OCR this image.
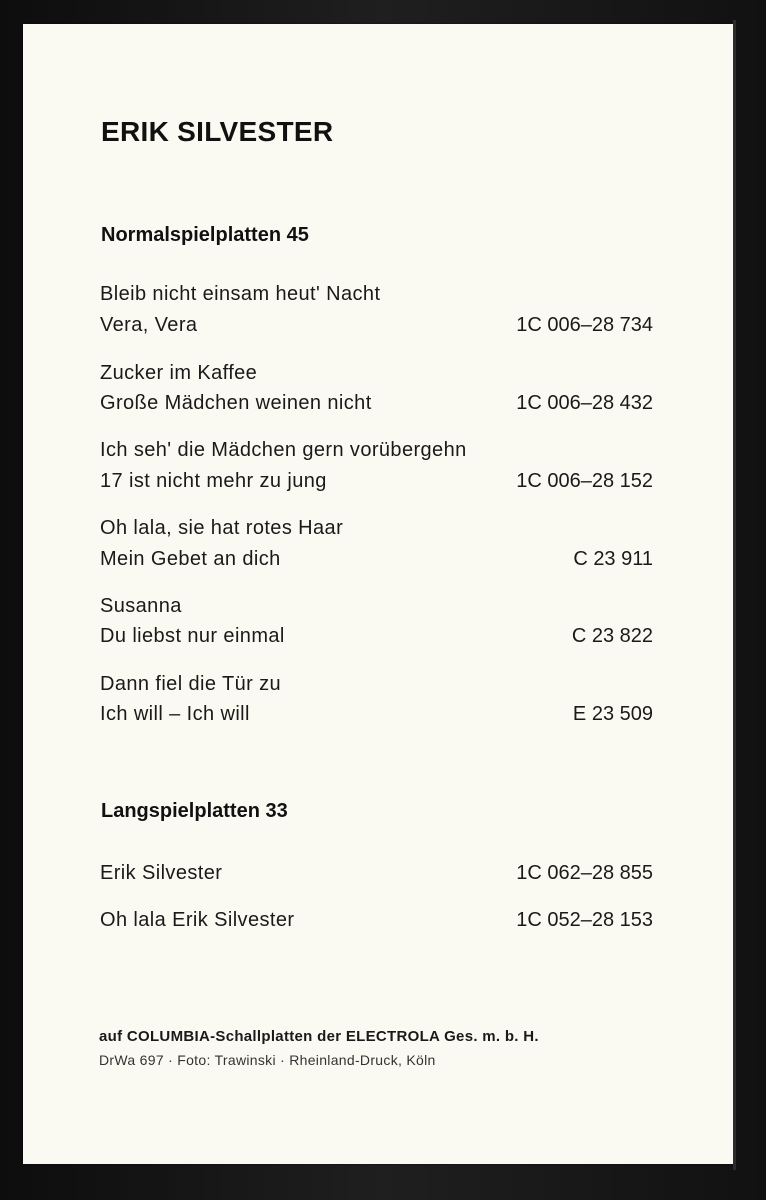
ERIK SILVESTER
Normalspielplatten 45
Bleib nicht einsam heut' Nacht
Vera, Vera	1C 006–28 734
Zucker im Kaffee
Große Mädchen weinen nicht	1C 006–28 432
Ich seh' die Mädchen gern vorübergehn
17 ist nicht mehr zu jung	1C 006–28 152
Oh lala, sie hat rotes Haar
Mein Gebet an dich	C 23 911
Susanna
Du liebst nur einmal	C 23 822
Dann fiel die Tür zu
Ich will – Ich will	E 23 509
Langspielplatten 33
Erik Silvester	1C 062–28 855
Oh lala Erik Silvester	1C 052–28 153
auf COLUMBIA-Schallplatten der ELECTROLA Ges. m. b. H.
DrWa 697 · Foto: Trawinski · Rheinland-Druck, Köln
